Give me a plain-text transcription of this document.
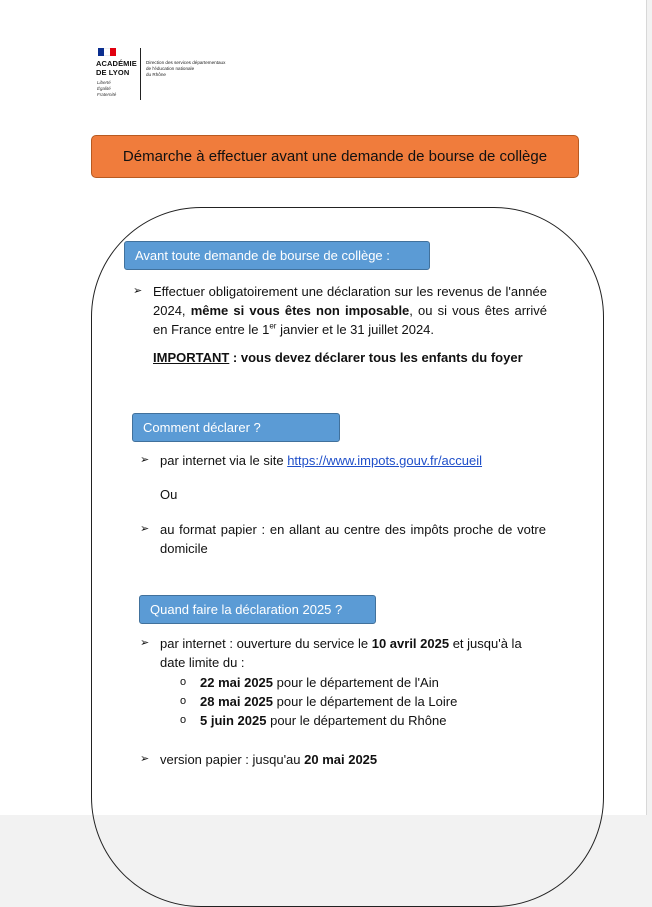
ACADÉMIE
DE LYON
Liberté
Égalité
Fraternité
Direction des services départementaux
de l'éducation nationale
du Rhône
Démarche à effectuer avant une demande de bourse de collège
Avant toute demande de bourse de collège :
➢ Effectuer obligatoirement une déclaration sur les revenus de l'année 2024, même si vous êtes non imposable, ou si vous êtes arrivé en France entre le 1er janvier et le 31 juillet 2024.
IMPORTANT : vous devez déclarer tous les enfants du foyer
Comment déclarer ?
➢ par internet via le site https://www.impots.gouv.fr/accueil
Ou
➢ au format papier : en allant au centre des impôts proche de votre domicile
Quand faire la déclaration 2025 ?
➢ par internet : ouverture du service le 10 avril 2025 et jusqu'à la date limite du :
o 22 mai 2025 pour le département de l'Ain
o 28 mai 2025 pour le département de la Loire
o 5 juin 2025 pour le département du Rhône
➢ version papier : jusqu'au 20 mai 2025
